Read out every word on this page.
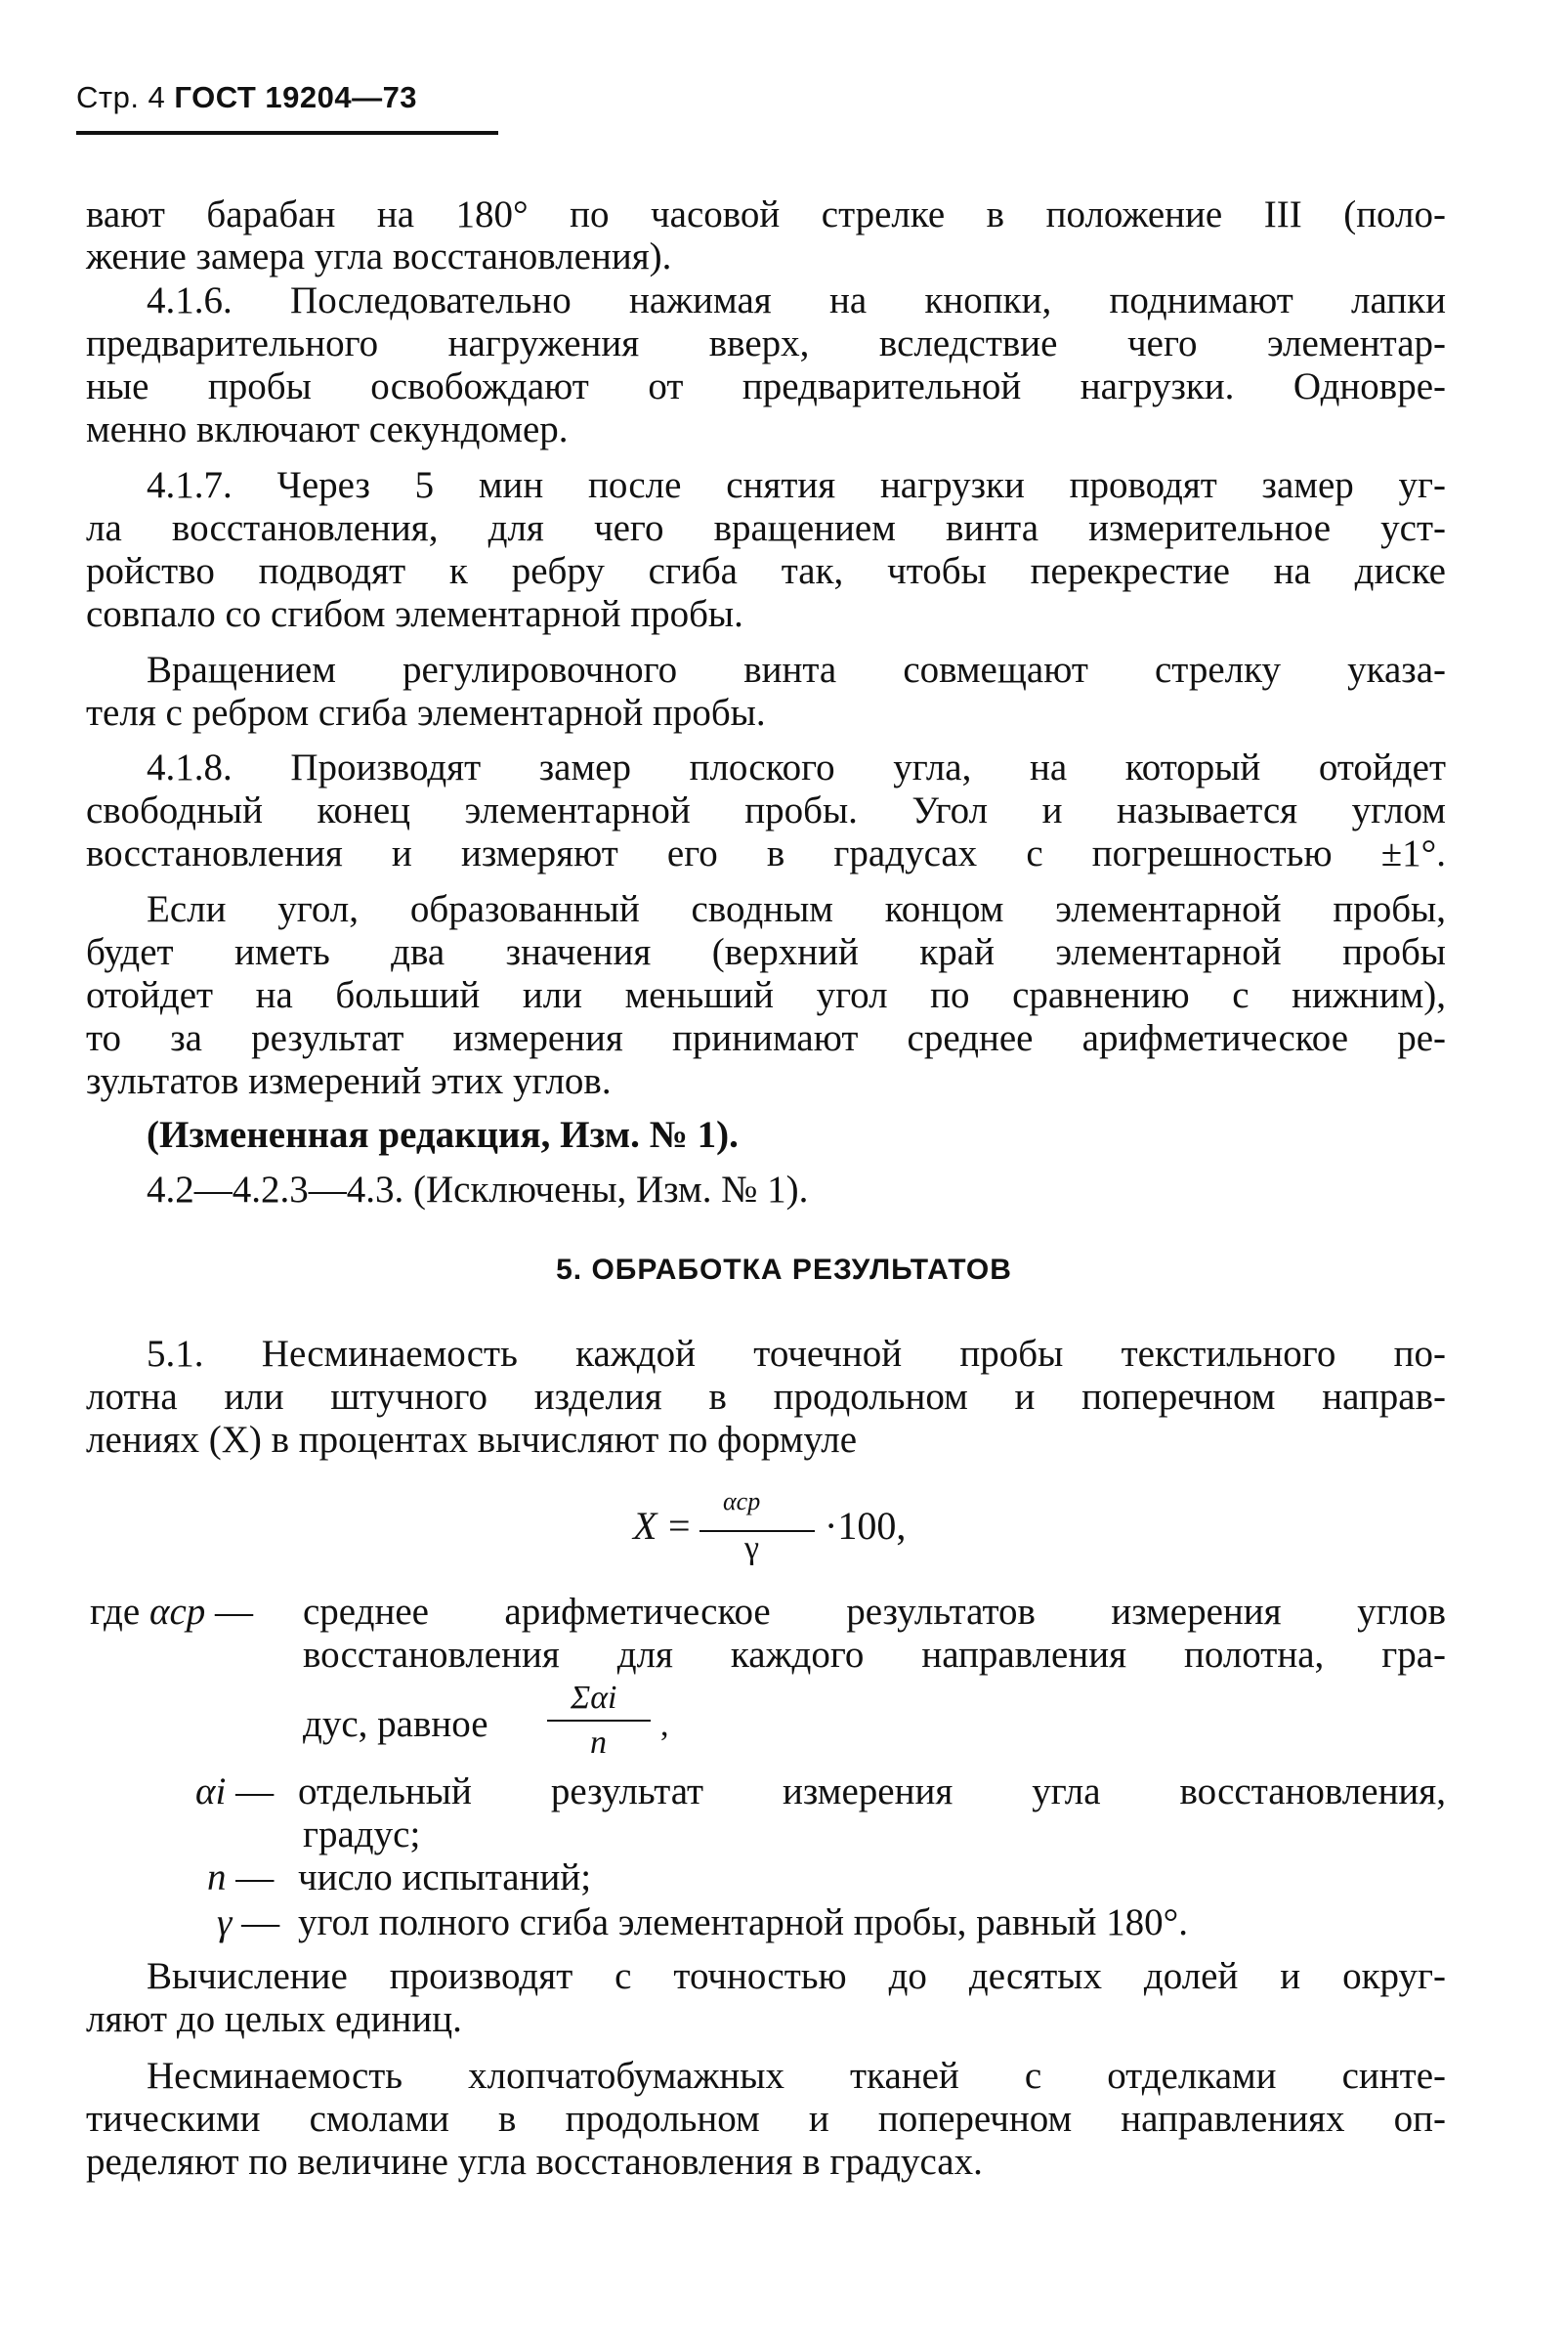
Стр. 4 ГОСТ 19204—73
вают барабан на 180° по часовой стрелке в положение III (поло-
жение замера угла восстановления).
4.1.6. Последовательно нажимая на кнопки, поднимают лапки
предварительного нагружения вверх, вследствие чего элементар-
ные пробы освобождают от предварительной нагрузки. Одновре-
менно включают секундомер.
4.1.7. Через 5 мин после снятия нагрузки проводят замер уг-
ла восстановления, для чего вращением винта измерительное уст-
ройство подводят к ребру сгиба так, чтобы перекрестие на диске
совпало со сгибом элементарной пробы.
Вращением регулировочного винта совмещают стрелку указа-
теля с ребром сгиба элементарной пробы.
4.1.8. Производят замер плоского угла, на который отойдет
свободный конец элементарной пробы. Угол и называется углом
восстановления и измеряют его в градусах с погрешностью ±1°.
Если угол, образованный сводным концом элементарной пробы,
будет иметь два значения (верхний край элементарной пробы
отойдет на больший или меньший угол по сравнению с нижним),
то за результат измерения принимают среднее арифметическое ре-
зультатов измерений этих углов.
(Измененная редакция, Изм. № 1).
4.2—4.2.3—4.3. (Исключены, Изм. № 1).
5. ОБРАБОТКА РЕЗУЛЬТАТОВ
5.1. Несминаемость каждой точечной пробы текстильного по-
лотна или штучного изделия в продольном и поперечном направ-
лениях (X) в процентах вычисляют по формуле
X =
αср
γ
·100,
где αср —	среднее арифметическое результатов измерения углов
восстановления для каждого направления полотна, гра-
дус, равное
Σαi
n ,
αi — отдельный результат измерения угла восстановления,
градус;
n — число испытаний;
γ — угол полного сгиба элементарной пробы, равный 180°.
Вычисление производят с точностью до десятых долей и округ-
ляют до целых единиц.
Несминаемость хлопчатобумажных тканей с отделками синте-
тическими смолами в продольном и поперечном направлениях оп-
ределяют по величине угла восстановления в градусах.
